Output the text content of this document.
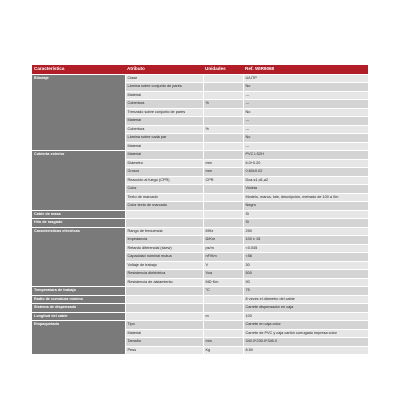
Característica	Atributo	Unidades	Ref. WIR9068
Blindaje	Clase		U/UTP
	Lámina sobre conjunto de pares		No
	Material		---
	Cobertura	%	---
	Trenzado sobre conjunto de pares		No
	Material		---
	Cobertura	%	---
	Lámina sobre cada par		No
	Material		---
Cubierta exterior	Material		PVC LS2H
	Diámetro	mm	6.0+0.20
	Grosor	mm	0.60±0.02
	Reacción al fuego (CPR)	CPR	Dca-s1,d1,a2
	Color		Violeta
	Texto de marcado		Modelo, marca, lote, descripción, metrado de 100 a 0m
	Color texto de marcado		Negro
Cable de masa			Si
Hilo de rasgado			Si
Características eléctricas	Rango de frecuencia	MHz	250
	Impedancia	Ω/Km	100 ± 15
	Retardo diferencial (skew)	ps/m	<0.045
	Capacidad nominal mutua	nF/Km	<56
	Voltaje de trabajo	V	30
	Resistencia dieléctrica	Vca	500
	Resistencia de aislamiento	MΩ·Km	90
Temperatura de trabajo		°C	75
Radio de curvatura mínimo			8 veces el diámetro del cable
Sistema de dispensado			Carrete dispensador en caja
Longitud del cable		m	100
Empaquetado	Tipo		Carrete en caja color
	Material		Carrete de PVC y caja cartón corrugado impresa color
	Tamaño	mm	340.0*230.0*345.0
	Peso	Kg	8.50
